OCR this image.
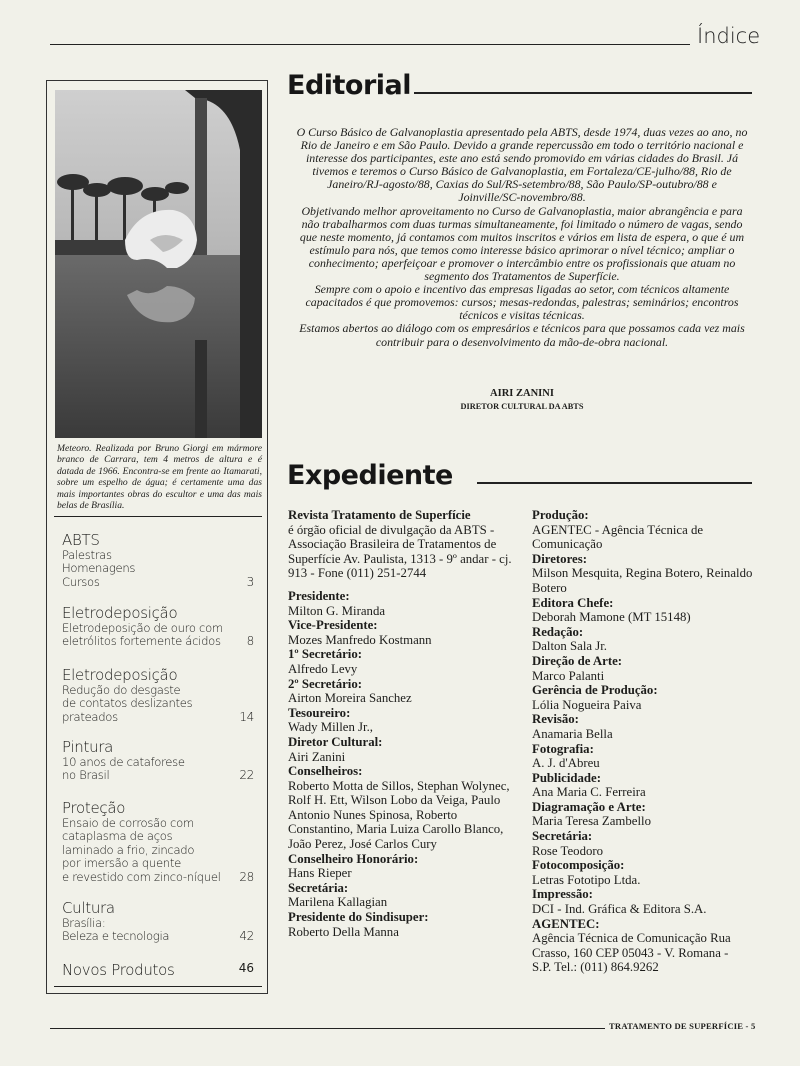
Índice
Meteoro. Realizada por Bruno Giorgi em mármore branco de Carrara, tem 4 metros de altura e é datada de 1966. Encontra-se em frente ao Itamarati, sobre um espelho de água; é certamente uma das mais importantes obras do escultor e uma das mais belas de Brasília.
ABTS
Palestras
Homenagens
Cursos	3
Eletrodeposição
Eletrodeposição de ouro com
eletrólitos fortemente ácidos 8
Eletrodeposição
Redução do desgaste
de contatos deslizantes
prateados	14
Pintura
10 anos de cataforese
no Brasil	22
Proteção
Ensaio de corrosão com
cataplasma de aços
laminado a frio, zincado
por imersão a quente
e revestido com zinco-níquel 28
Cultura
Brasília:
Beleza e tecnologia	42
Novos Produtos	46
Editorial

O Curso Básico de Galvanoplastia apresentado pela ABTS, desde 1974, duas vezes ao ano, no Rio de Janeiro e em São Paulo. Devido a grande repercussão em todo o território nacional e interesse dos participantes, este ano está sendo promovido em várias cidades do Brasil. Já tivemos e teremos o Curso Básico de Galvanoplastia, em Fortaleza/CE-julho/88, Rio de Janeiro/RJ-agosto/88, Caxias do Sul/RS-setembro/88, São Paulo/SP-outubro/88 e Joinville/SC-novembro/88.

Objetivando melhor aproveitamento no Curso de Galvanoplastia, maior abrangência e para não trabalharmos com duas turmas simultaneamente, foi limitado o número de vagas, sendo que neste momento, já contamos com muitos inscritos e vários em lista de espera, o que é um estímulo para nós, que temos como interesse básico aprimorar o nível técnico; ampliar o conhecimento; aperfeiçoar e promover o intercâmbio entre os profissionais que atuam no segmento dos Tratamentos de Superfície.

Sempre com o apoio e incentivo das empresas ligadas ao setor, com técnicos altamente capacitados é que promovemos: cursos; mesas-redondas, palestras; seminários; encontros técnicos e visitas técnicas.

Estamos abertos ao diálogo com os empresários e técnicos para que possamos cada vez mais contribuir para o desenvolvimento da mão-de-obra nacional.

AIRI ZANINI
DIRETOR CULTURAL DA ABTS
Expediente
Revista Tratamento de Superfície
é órgão oficial de divulgação da ABTS - Associação Brasileira de Tratamentos de Superfície Av. Paulista, 1313 - 9º andar - cj. 913 - Fone (011) 251-2744
Presidente:
Milton G. Miranda
Vice-Presidente:
Mozes Manfredo Kostmann
1º Secretário:
Alfredo Levy
2º Secretário:
Airton Moreira Sanchez
Tesoureiro:
Wady Millen Jr.,
Diretor Cultural:
Airi Zanini
Conselheiros:
Roberto Motta de Sillos, Stephan Wolynec, Rolf H. Ett, Wilson Lobo da Veiga, Paulo Antonio Nunes Spinosa, Roberto Constantino, Maria Luiza Carollo Blanco, João Perez, José Carlos Cury
Conselheiro Honorário:
Hans Rieper
Secretária:
Marilena Kallagian
Presidente do Sindisuper:
Roberto Della Manna
Produção:
AGENTEC - Agência Técnica de Comunicação
Diretores:
Milson Mesquita, Regina Botero, Reinaldo Botero
Editora Chefe:
Deborah Mamone (MT 15148)
Redação:
Dalton Sala Jr.
Direção de Arte:
Marco Palanti
Gerência de Produção:
Lólia Nogueira Paiva
Revisão:
Anamaria Bella
Fotografia:
A. J. d'Abreu
Publicidade:
Ana Maria C. Ferreira
Diagramação e Arte:
Maria Teresa Zambello
Secretária:
Rose Teodoro
Fotocomposição:
Letras Fototipo Ltda.
Impressão:
DCI - Ind. Gráfica & Editora S.A.
AGENTEC:
Agência Técnica de Comunicação Rua Crasso, 160 CEP 05043 - V. Romana - S.P. Tel.: (011) 864.9262
TRATAMENTO DE SUPERFÍCIE - 5
